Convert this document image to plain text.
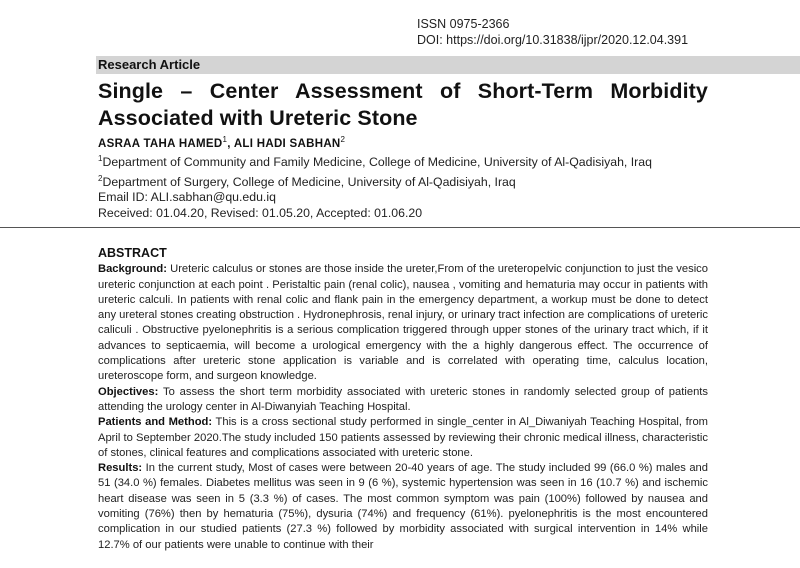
ISSN 0975-2366
DOI: https://doi.org/10.31838/ijpr/2020.12.04.391
Research Article
Single – Center Assessment of Short-Term Morbidity Associated with Ureteric Stone
ASRAA TAHA HAMED$^1$, ALI HADI SABHAN$^2$
$^1$Department of Community and Family Medicine, College of Medicine, University of Al-Qadisiyah, Iraq
$^2$Department of Surgery, College of Medicine, University of Al-Qadisiyah, Iraq
Email ID: ALI.sabhan@qu.edu.iq
Received: 01.04.20, Revised: 01.05.20, Accepted: 01.06.20
ABSTRACT

Background: Ureteric calculus or stones are those inside the ureter,From of the ureteropelvic conjunction to just the vesico ureteric conjunction at each point . Peristaltic pain (renal colic), nausea , vomiting and hematuria may occur in patients with ureteric calculi. In patients with renal colic and flank pain in the emergency department, a workup must be done to detect any ureteral stones creating obstruction . Hydronephrosis, renal injury, or urinary tract infection are complications of ureteric caliculi . Obstructive pyelonephritis is a serious complication triggered through upper stones of the urinary tract which, if it advances to septicaemia, will become a urological emergency with the a highly dangerous effect. The occurrence of complications after ureteric stone application is variable and is correlated with operating time, calculus location, ureteroscope form, and surgeon knowledge.

Objectives: To assess the short term morbidity associated with ureteric stones in randomly selected group of patients attending the urology center in Al-Diwanyiah Teaching Hospital.

Patients and Method: This is a cross sectional study performed in single_center in Al_Diwaniyah Teaching Hospital, from April to September 2020.The study included 150 patients assessed by reviewing their chronic medical illness, characteristic of stones, clinical features and complications associated with ureteric stone.

Results: In the current study, Most of cases were between 20-40 years of age. The study included 99 (66.0 %) males and 51 (34.0 %) females. Diabetes mellitus was seen in 9 (6 %), systemic hypertension was seen in 16 (10.7 %) and ischemic heart disease was seen in 5 (3.3 %) of cases. The most common symptom was pain (100%) followed by nausea and vomiting (76%) then by hematuria (75%), dysuria (74%) and frequency (61%). pyelonephritis is the most encountered complication in our studied patients (27.3 %) followed by morbidity associated with surgical intervention in 14% while 12.7% of our patients were unable to continue with their
